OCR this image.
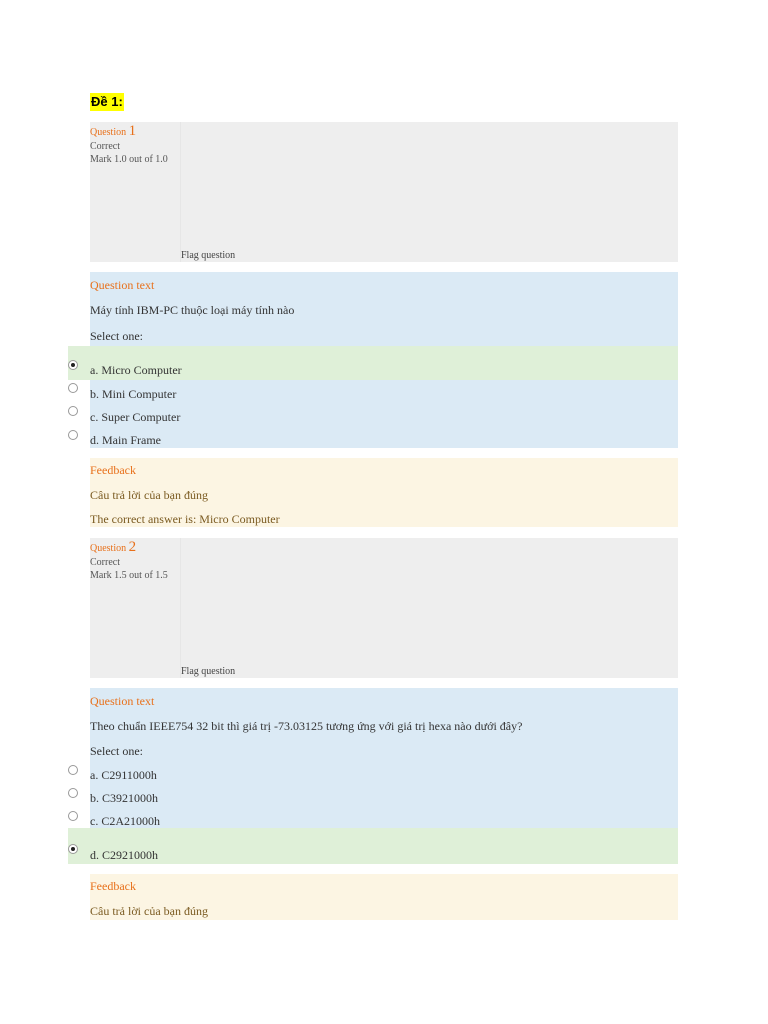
Đề 1:
Question 1
Correct
Mark 1.0 out of 1.0
Flag question
Question text
Máy tính IBM-PC thuộc loại máy tính nào
Select one:
a. Micro Computer
b. Mini Computer
c. Super Computer
d. Main Frame
Feedback
Câu trả lời của bạn đúng
The correct answer is: Micro Computer
Question 2
Correct
Mark 1.5 out of 1.5
Flag question
Question text
Theo chuẩn IEEE754 32 bit thì giá trị -73.03125 tương ứng với giá trị hexa nào dưới đây?
Select one:
a. C2911000h
b. C3921000h
c. C2A21000h
d. C2921000h
Feedback
Câu trả lời của bạn đúng
